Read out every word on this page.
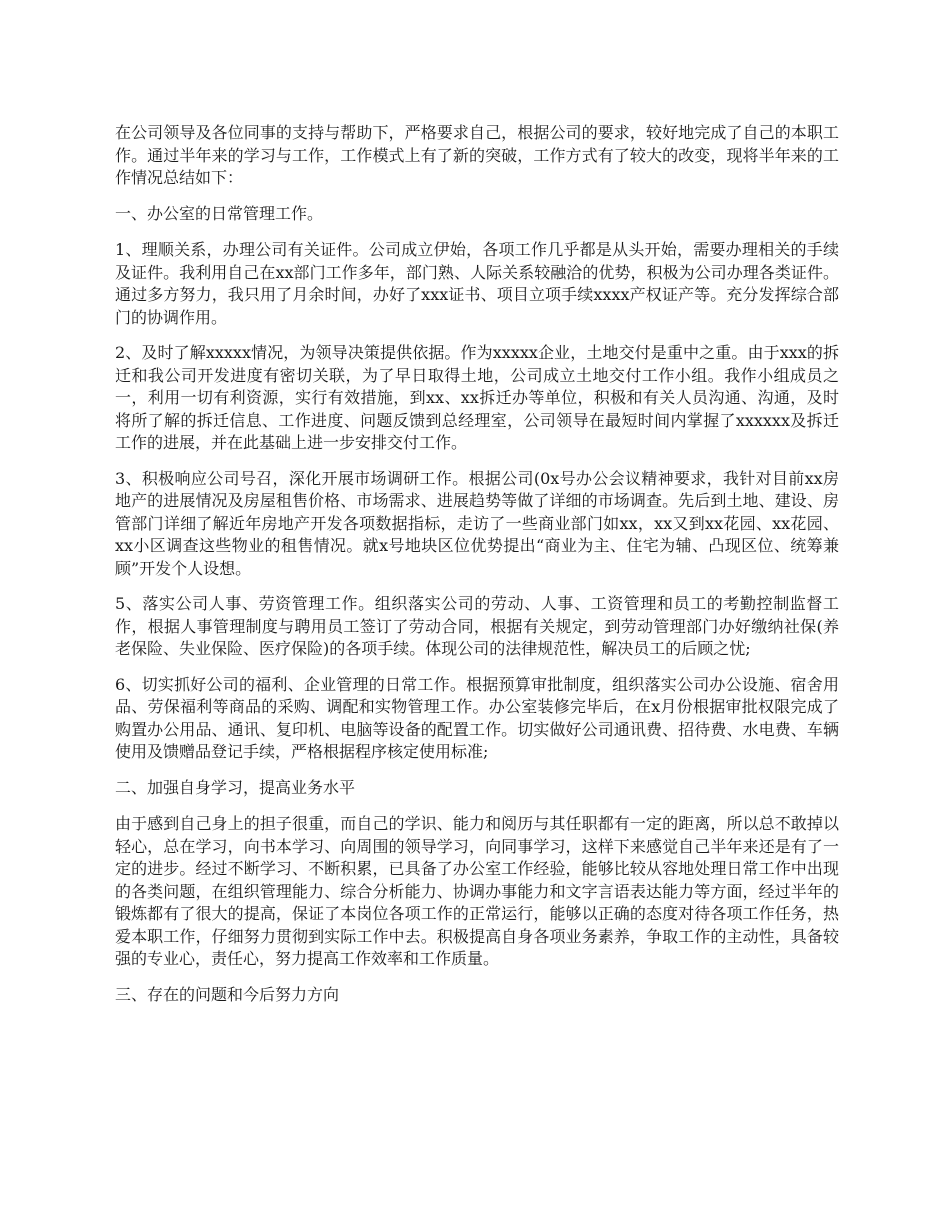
在公司领导及各位同事的支持与帮助下，严格要求自己，根据公司的要求，较好地完成了自己的本职工作。通过半年来的学习与工作，工作模式上有了新的突破，工作方式有了较大的改变，现将半年来的工作情况总结如下：

一、办公室的日常管理工作。

1、理顺关系，办理公司有关证件。公司成立伊始，各项工作几乎都是从头开始，需要办理相关的手续及证件。我利用自己在xx部门工作多年，部门熟、人际关系较融洽的优势，积极为公司办理各类证件。通过多方努力，我只用了月余时间，办好了xxx证书、项目立项手续xxxx产权证产等。充分发挥综合部门的协调作用。

2、及时了解xxxxx情况，为领导决策提供依据。作为xxxxx企业，土地交付是重中之重。由于xxx的拆迁和我公司开发进度有密切关联，为了早日取得土地，公司成立土地交付工作小组。我作小组成员之一，利用一切有利资源，实行有效措施，到xx、xx拆迁办等单位，积极和有关人员沟通、沟通，及时将所了解的拆迁信息、工作进度、问题反馈到总经理室，公司领导在最短时间内掌握了xxxxxx及拆迁工作的进展，并在此基础上进一步安排交付工作。

3、积极响应公司号召，深化开展市场调研工作。根据公司(0x号办公会议精神要求，我针对目前xx房地产的进展情况及房屋租售价格、市场需求、进展趋势等做了详细的市场调查。先后到土地、建设、房管部门详细了解近年房地产开发各项数据指标，走访了一些商业部门如xx，xx又到xx花园、xx花园、xx小区调查这些物业的租售情况。就x号地块区位优势提出“商业为主、住宅为辅、凸现区位、统筹兼顾”开发个人设想。

5、落实公司人事、劳资管理工作。组织落实公司的劳动、人事、工资管理和员工的考勤控制监督工作，根据人事管理制度与聘用员工签订了劳动合同，根据有关规定，到劳动管理部门办好缴纳社保(养老保险、失业保险、医疗保险)的各项手续。体现公司的法律规范性，解决员工的后顾之忧;

6、切实抓好公司的福利、企业管理的日常工作。根据预算审批制度，组织落实公司办公设施、宿舍用品、劳保福利等商品的采购、调配和实物管理工作。办公室装修完毕后，在x月份根据审批权限完成了购置办公用品、通讯、复印机、电脑等设备的配置工作。切实做好公司通讯费、招待费、水电费、车辆使用及馈赠品登记手续，严格根据程序核定使用标准;

二、加强自身学习，提高业务水平

由于感到自己身上的担子很重，而自己的学识、能力和阅历与其任职都有一定的距离，所以总不敢掉以轻心，总在学习，向书本学习、向周围的领导学习，向同事学习，这样下来感觉自己半年来还是有了一定的进步。经过不断学习、不断积累，已具备了办公室工作经验，能够比较从容地处理日常工作中出现的各类问题，在组织管理能力、综合分析能力、协调办事能力和文字言语表达能力等方面，经过半年的锻炼都有了很大的提高，保证了本岗位各项工作的正常运行，能够以正确的态度对待各项工作任务，热爱本职工作，仔细努力贯彻到实际工作中去。积极提高自身各项业务素养，争取工作的主动性，具备较强的专业心，责任心，努力提高工作效率和工作质量。

三、存在的问题和今后努力方向
